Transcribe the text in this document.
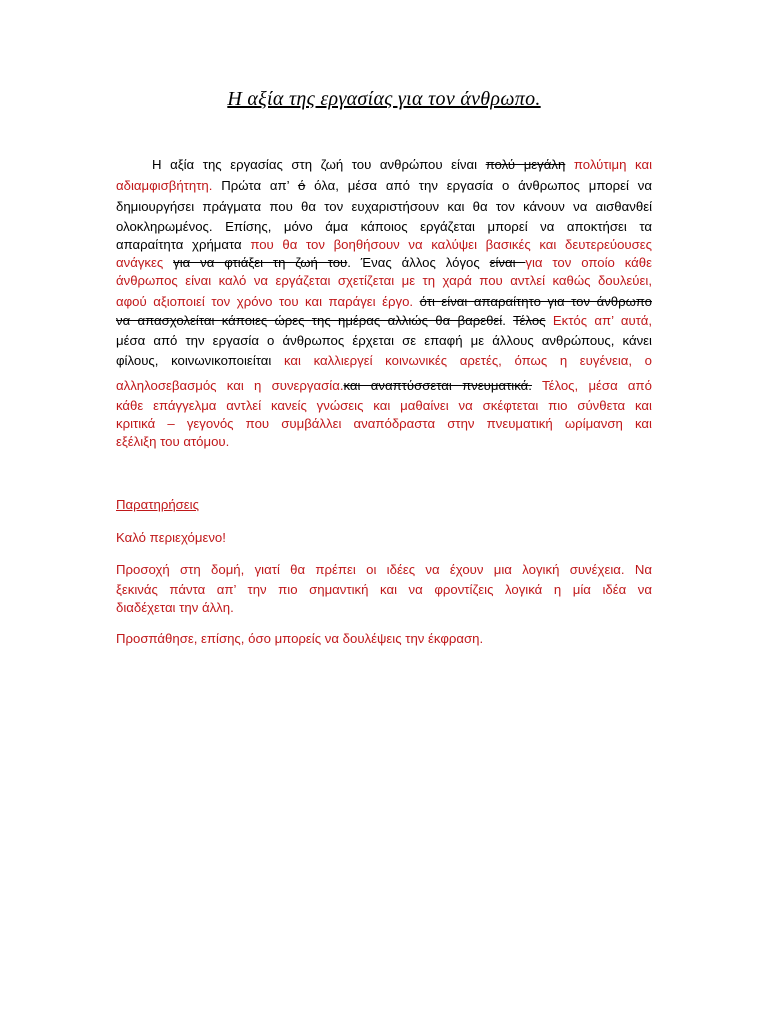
Η αξία της εργασίας για τον άνθρωπο.
Η αξία της εργασίας στη ζωή του ανθρώπου είναι πολύ μεγάλη πολύτιμη και
αδιαμφισβήτητη. Πρώτα απ’ ό όλα, μέσα από την εργασία ο άνθρωπος μπορεί να
δημιουργήσει πράγματα που θα τον ευχαριστήσουν και θα τον κάνουν να αισθανθεί
ολοκληρωμένος. Επίσης, μόνο άμα κάποιος εργάζεται μπορεί να αποκτήσει τα
απαραίτητα χρήματα που θα τον βοηθήσουν να καλύψει βασικές και δευτερεύουσες
ανάγκες για να φτιάξει τη ζωή του. Ένας άλλος λόγος είναι για τον οποίο κάθε
άνθρωπος είναι καλό να εργάζεται σχετίζεται με τη χαρά που αντλεί καθώς δουλεύει,
αφού αξιοποιεί τον χρόνο του και παράγει έργο. ότι είναι απαραίτητο για τον άνθρωπο
να απασχολείται κάποιες ώρες της ημέρας αλλιώς θα βαρεθεί. Τέλος Εκτός απ’ αυτά,
μέσα από την εργασία ο άνθρωπος έρχεται σε επαφή με άλλους ανθρώπους, κάνει
φίλους, κοινωνικοποιείται και καλλιεργεί κοινωνικές αρετές, όπως η ευγένεια, ο
αλληλοσεβασμός και η συνεργασία.και αναπτύσσεται πνευματικά. Τέλος, μέσα από
κάθε επάγγελμα αντλεί κανείς γνώσεις και μαθαίνει να σκέφτεται πιο σύνθετα και
κριτικά – γεγονός που συμβάλλει αναπόδραστα στην πνευματική ωρίμανση και
εξέλιξη του ατόμου.
Παρατηρήσεις
Καλό περιεχόμενο!
Προσοχή στη δομή, γιατί θα πρέπει οι ιδέες να έχουν μια λογική συνέχεια. Να
ξεκινάς πάντα απ’ την πιο σημαντική και να φροντίζεις λογικά η μία ιδέα να
διαδέχεται την άλλη.
Προσπάθησε, επίσης, όσο μπορείς να δουλέψεις την έκφραση.
